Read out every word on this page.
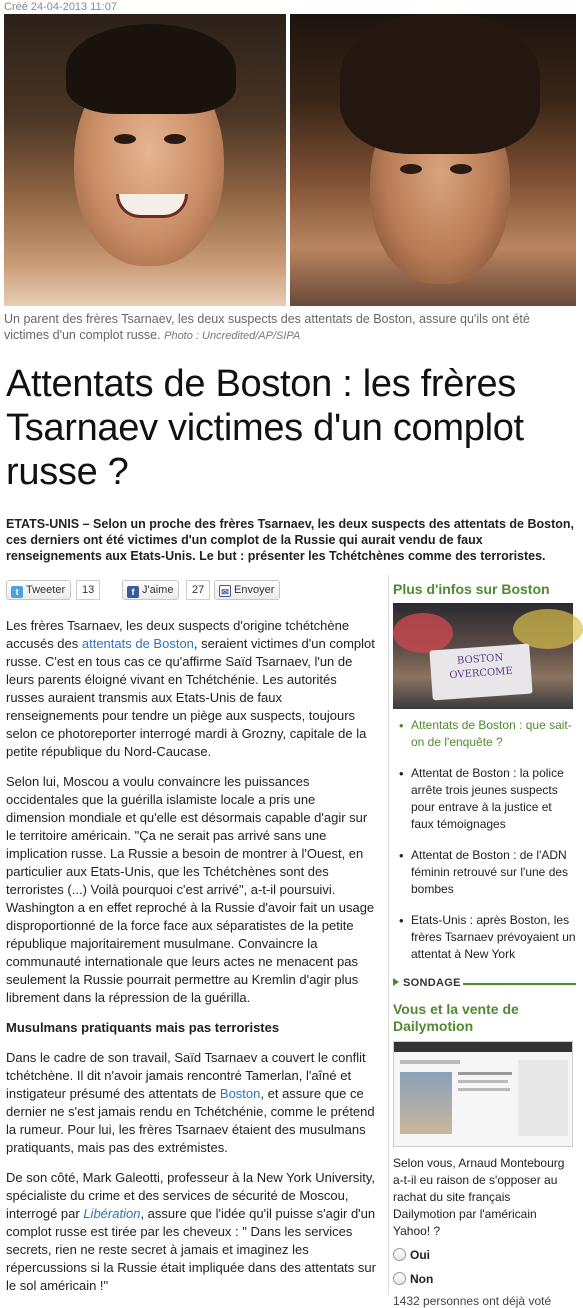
Créé 24-04-2013 11:07
Un parent des frères Tsarnaev, les deux suspects des attentats de Boston, assure qu'ils ont été victimes d'un complot russe. Photo : Uncredited/AP/SIPA
Attentats de Boston : les frères Tsarnaev victimes d'un complot russe ?
ETATS-UNIS – Selon un proche des frères Tsarnaev, les deux suspects des attentats de Boston, ces derniers ont été victimes d'un complot de la Russie qui aurait vendu de faux renseignements aux Etats-Unis. Le but : présenter les Tchétchènes comme des terroristes.
t Tweeter	13	f J'aime	27	✉ Envoyer

Les frères Tsarnaev, les deux suspects d'origine tchétchène accusés des attentats de Boston, seraient victimes d'un complot russe. C'est en tous cas ce qu'affirme Saïd Tsarnaev, l'un de leurs parents éloigné vivant en Tchétchénie. Les autorités russes auraient transmis aux Etats-Unis de faux renseignements pour tendre un piège aux suspects, toujours selon ce photoreporter interrogé mardi à Grozny, capitale de la petite république du Nord-Caucase.

Selon lui, Moscou a voulu convaincre les puissances occidentales que la guérilla islamiste locale a pris une dimension mondiale et qu'elle est désormais capable d'agir sur le territoire américain. "Ça ne serait pas arrivé sans une implication russe. La Russie a besoin de montrer à l'Ouest, en particulier aux Etats-Unis, que les Tchétchènes sont des terroristes (...) Voilà pourquoi c'est arrivé", a-t-il poursuivi. Washington a en effet reproché à la Russie d'avoir fait un usage disproportionné de la force face aux séparatistes de la petite république majoritairement musulmane. Convaincre la communauté internationale que leurs actes ne menacent pas seulement la Russie pourrait permettre au Kremlin d'agir plus librement dans la répression de la guérilla.

Musulmans pratiquants mais pas terroristes

Dans le cadre de son travail, Saïd Tsarnaev a couvert le conflit tchétchène. Il dit n'avoir jamais rencontré Tamerlan, l'aîné et instigateur présumé des attentats de Boston, et assure que ce dernier ne s'est jamais rendu en Tchétchénie, comme le prétend la rumeur. Pour lui, les frères Tsarnaev étaient des musulmans pratiquants, mais pas des extrémistes.

De son côté, Mark Galeotti, professeur à la New York University, spécialiste du crime et des services de sécurité de Moscou, interrogé par Libération, assure que l'idée qu'il puisse s'agir d'un complot russe est tirée par les cheveux : " Dans les services secrets, rien ne reste secret à jamais et imaginez les répercussions si la Russie était impliquée dans des attentats sur le sol américain !"

Plus d'infos sur Boston
BOSTON
OVERCOME
• Attentats de Boston : que sait-on de l'enquête ?
• Attentat de Boston : la police arrête trois jeunes suspects pour entrave à la justice et faux témoignages
• Attentat de Boston : de l'ADN féminin retrouvé sur l'une des bombes
• Etats-Unis : après Boston, les frères Tsarnaev prévoyaient un attentat à New York
SONDAGE
Vous et la vente de Dailymotion
Selon vous, Arnaud Montebourg a-t-il eu raison de s'opposer au rachat du site français Dailymotion par l'américain Yahoo! ?
Oui
Non
1432 personnes ont déjà voté
